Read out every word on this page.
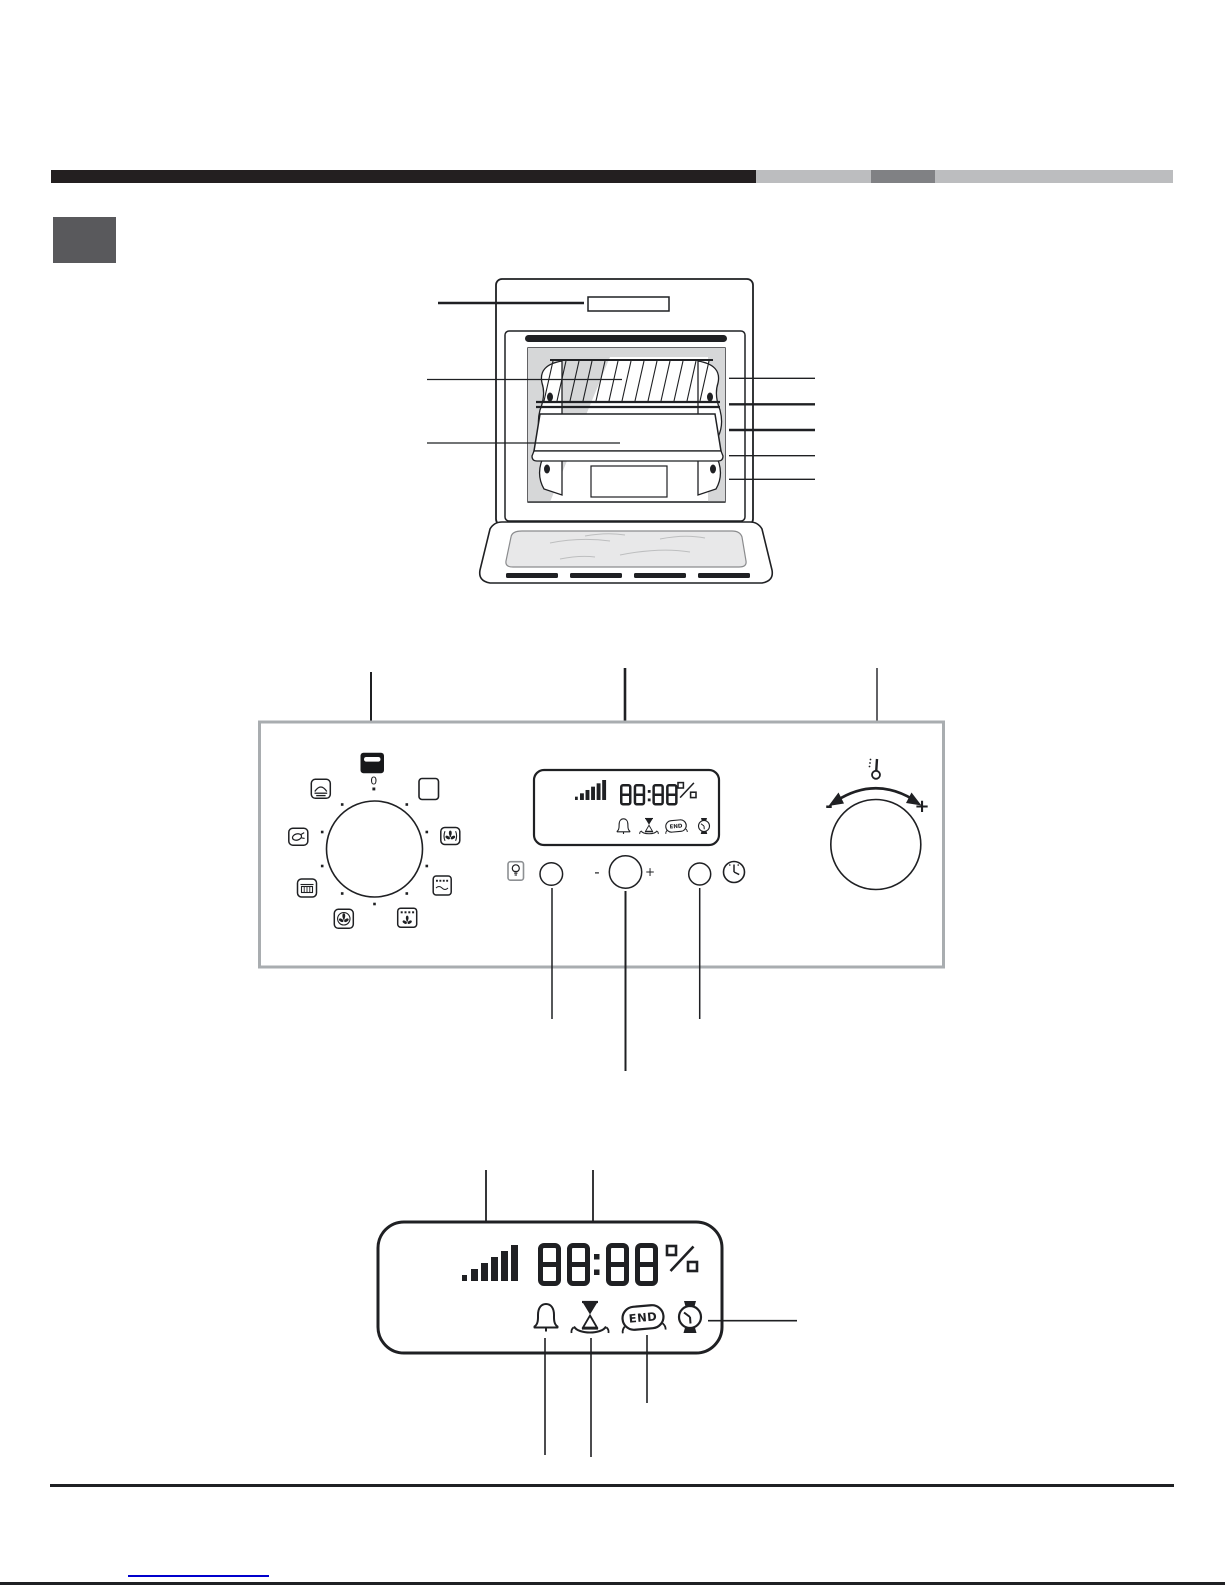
0
END
-	+
-	+
END
